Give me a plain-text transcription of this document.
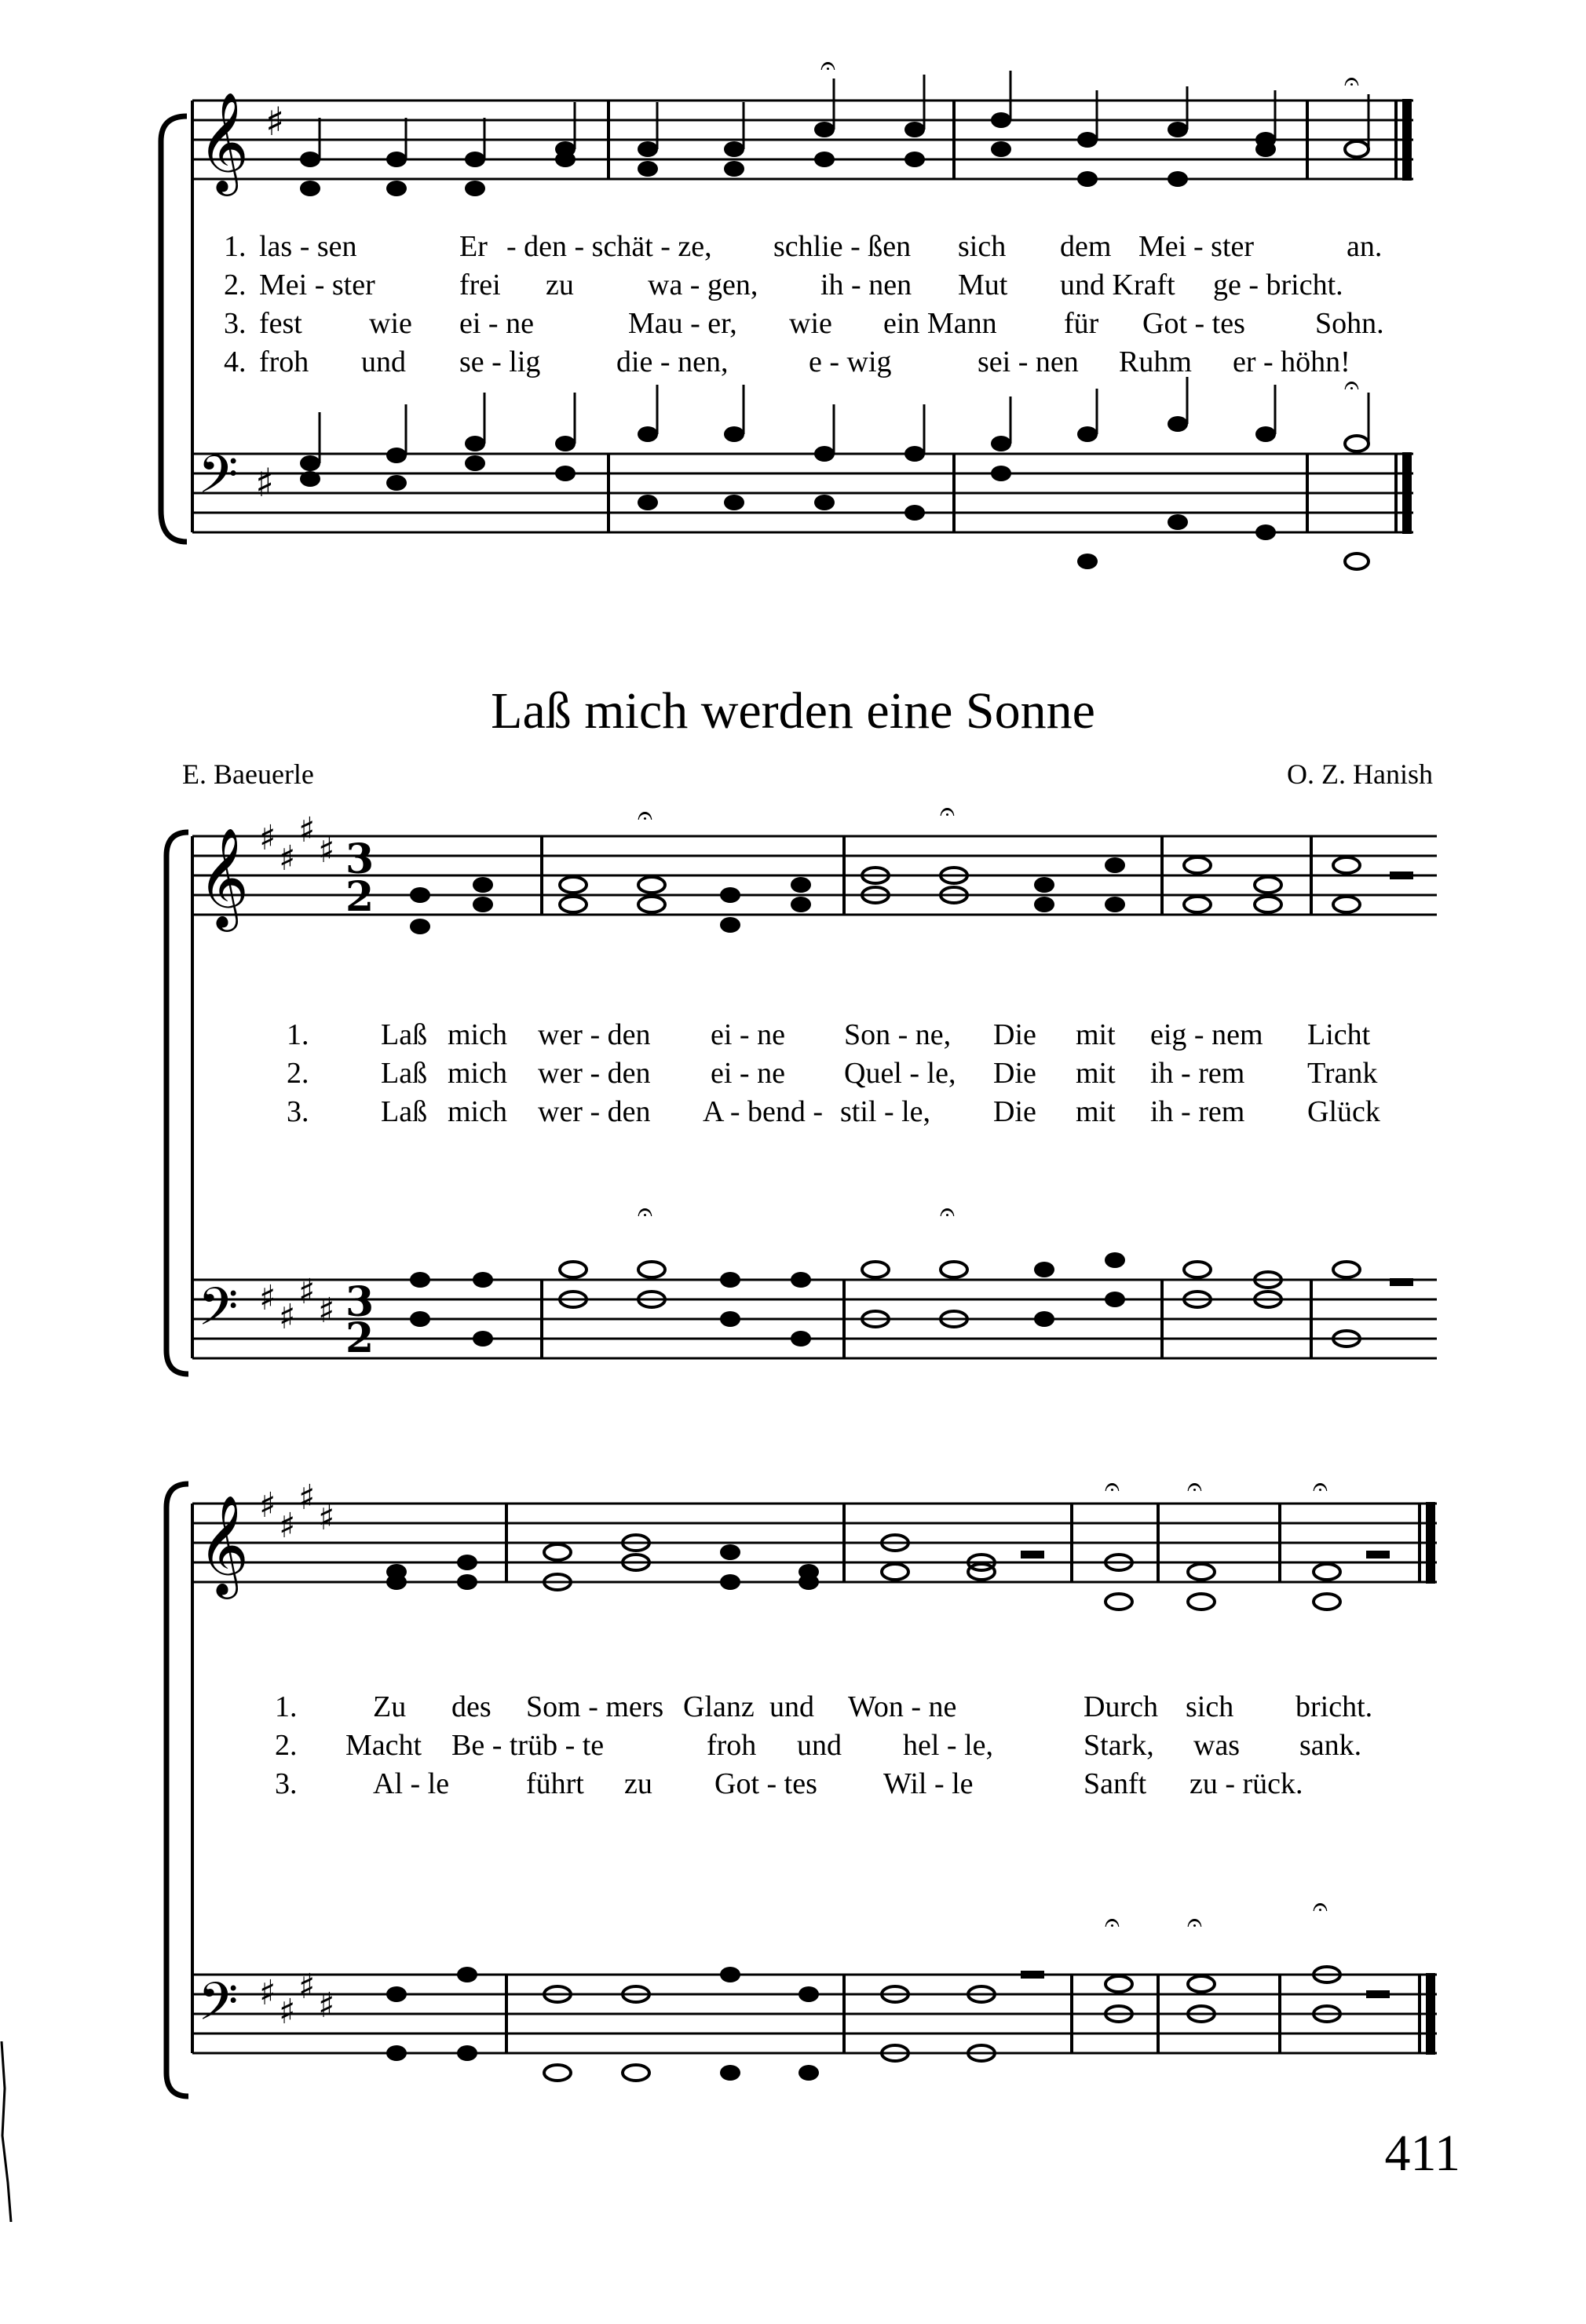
𝄞 ♯
𝄢 ♯
𝄐	𝄐
𝄐
1. las - sen	Er - den - schät - ze, schlie - ßen sich dem Mei - ster	an.
2. Mei - ster	frei zu wa - gen, ih - nen Mut und Kraft ge - bricht.
3. fest wie ei - ne	Mau - er, wie ein Mann für Got - tes Sohn.
4. froh und se - lig	die - nen,	e - wig	sei - nen Ruhm er - höhn!
Laß mich werden eine Sonne
E. Baeuerle	O. Z. Hanish
𝄞 ♯
♯
♯
♯
♯ ♯
♯ ♯
3
2
3
2
𝄢
𝄐	𝄐
𝄐	𝄐
1. Laß mich wer - den ei - ne Son - ne, Die mit eig - nem Licht
2. Laß mich wer - den ei - ne Quel - le, Die mit ih - rem Trank
3. Laß mich wer - den A - bend - stil - le, Die mit ih - rem Glück
𝄞 ♯
♯
♯
♯
♯ ♯
♯ ♯
𝄢
𝄐	𝄐	𝄐
𝄐	𝄐	𝄐
1.	Zu des Som - mers Glanz und Won - ne	Durch sich bricht.
2. Macht Be - trüb - te	froh und hel - le,	Stark, was sank.
3.	Al - le	führt zu Got - tes Wil - le	Sanft zu - rück.
411
